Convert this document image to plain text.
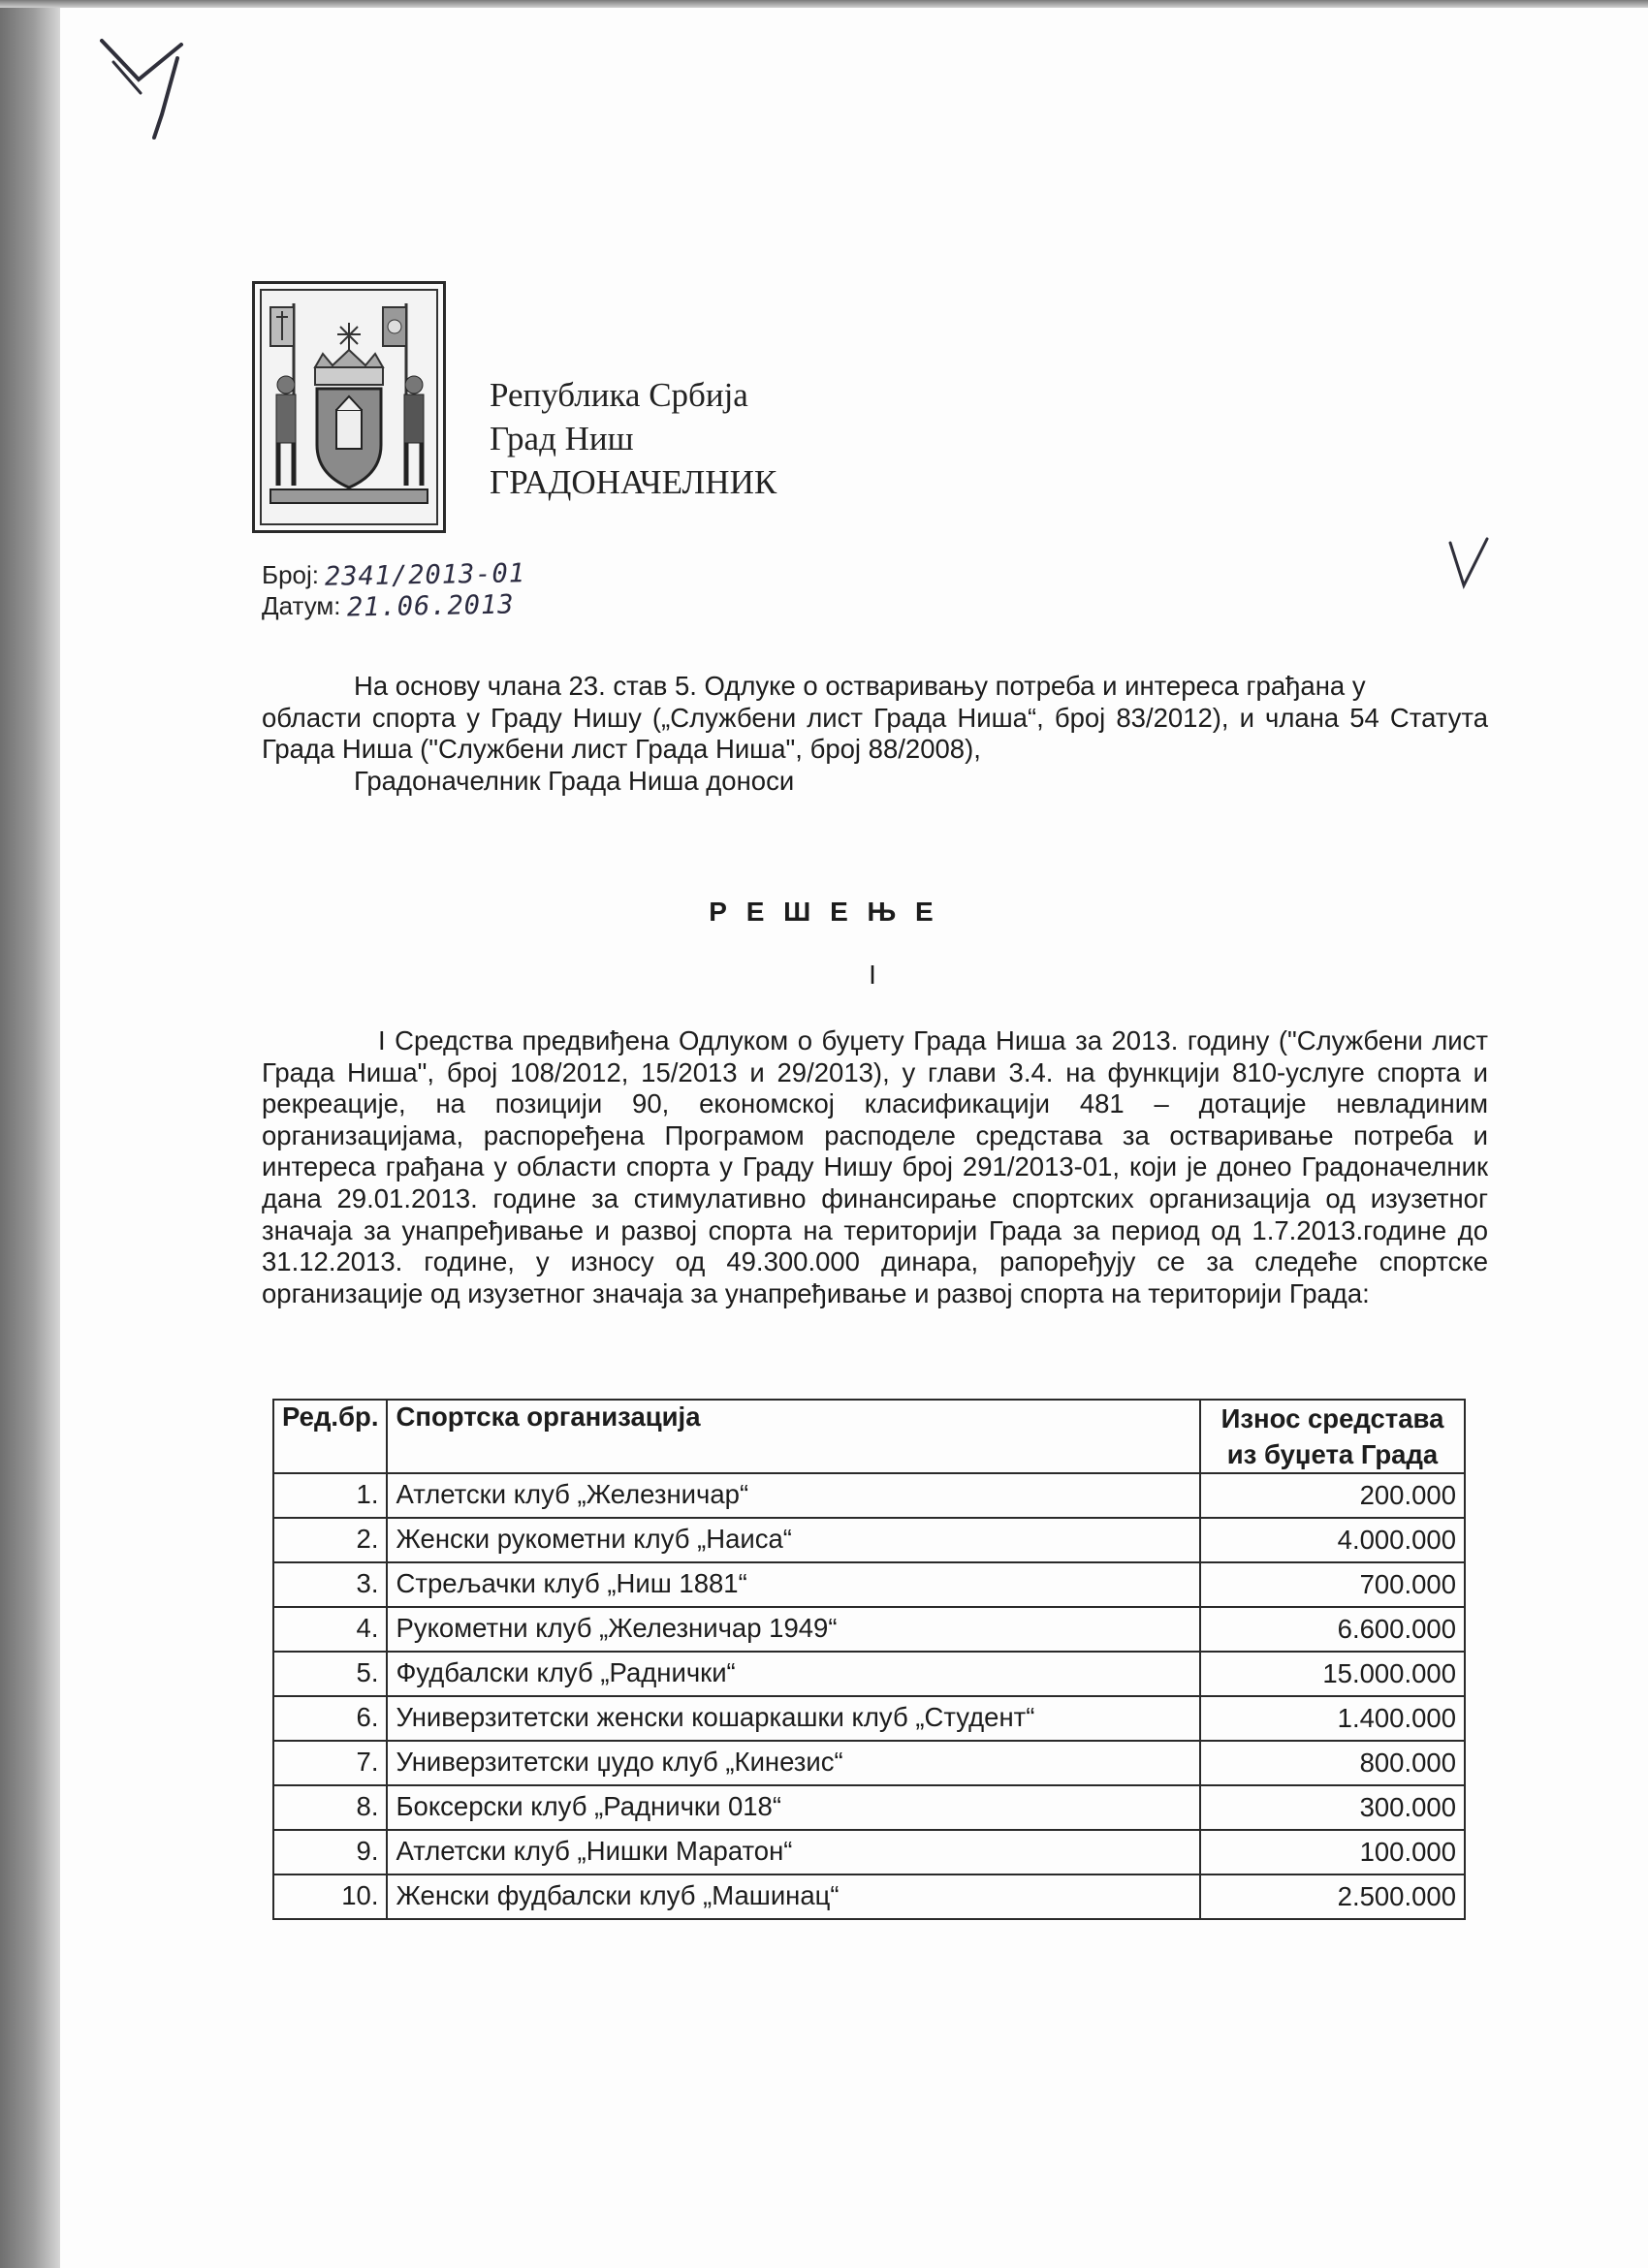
Република Србија
Град Ниш
ГРАДОНАЧЕЛНИК
Број: 2341/2013-01
Датум: 21.06.2013
На основу члана 23. став 5. Одлуке о остваривању потреба и интереса грађана у
области спорта у Граду Нишу („Службени лист Града Ниша“, број 83/2012), и члана 54 Статута Града Ниша ("Службени лист Града Ниша", број 88/2008),
Градоначелник Града Ниша доноси
Р Е Ш Е Њ Е
I
I Средства предвиђена Одлуком о буџету Града Ниша за 2013. годину ("Службени лист Града Ниша", број 108/2012, 15/2013 и 29/2013), у глави 3.4. на функцији 810-услуге спорта и рекреације, на позицији 90, економској класификацији 481 – дотације невладиним организацијама, распоређена Програмом расподеле средстава за остваривање потреба и интереса грађана у области спорта у Граду Нишу број 291/2013-01, који је донео Градоначелник дана 29.01.2013. године за стимулативно финансирање спортских организација од изузетног значаја за унапређивање и развој спорта на територији Града за период од 1.7.2013.године до 31.12.2013. године, у износу од 49.300.000 динара, рапоређују се за следеће спортске организације од изузетног значаја за унапређивање и развој спорта на територији Града:
Ред.бр.	Спортска организација	Износ средстава из буџета Града
1.	Атлетски клуб „Железничар“	200.000
2.	Женски рукометни клуб „Наиса“	4.000.000
3.	Стрељачки клуб „Ниш 1881“	700.000
4.	Рукометни клуб „Железничар 1949“	6.600.000
5.	Фудбалски клуб „Раднички“	15.000.000
6.	Универзитетски женски кошаркашки клуб „Студент“	1.400.000
7.	Универзитетски џудо клуб „Кинезис“	800.000
8.	Боксерски клуб „Раднички 018“	300.000
9.	Атлетски клуб „Нишки Маратон“	100.000
10.	Женски фудбалски клуб „Машинац“	2.500.000
